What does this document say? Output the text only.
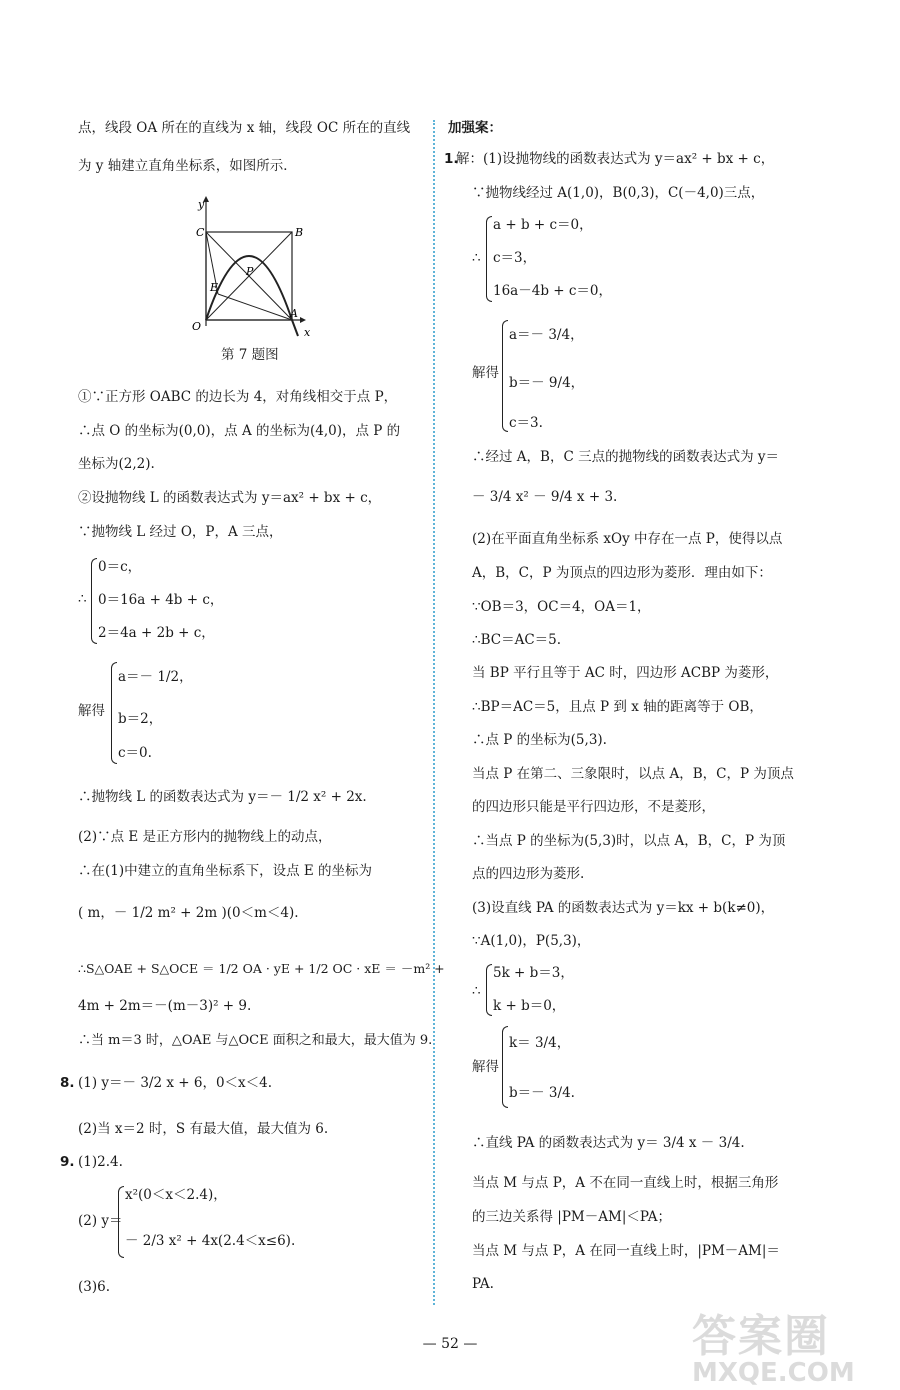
点，线段 OA 所在的直线为 x 轴，线段 OC 所在的直线
为 y 轴建立直角坐标系，如图所示．
y
C	B
P
E
O
A
x
第 7 题图
①∵正方形 OABC 的边长为 4，对角线相交于点 P，
∴点 O 的坐标为(0,0)，点 A 的坐标为(4,0)，点 P 的
坐标为(2,2).
②设抛物线 L 的函数表达式为 y＝ax² + bx + c，
∵抛物线 L 经过 O，P，A 三点，
∴
0＝c，
0＝16a + 4b + c，
2＝4a + 2b + c，
解得
a＝－ 1/2，
b＝2，
c＝0.
∴抛物线 L 的函数表达式为 y＝－ 1/2 x² + 2x.
(2)∵点 E 是正方形内的抛物线上的动点，
∴在(1)中建立的直角坐标系下，设点 E 的坐标为
( m，－ 1/2 m² + 2m )(0＜m＜4).
∴S△OAE + S△OCE ＝ 1/2 OA · yE + 1/2 OC · xE ＝ －m² +
4m + 2m＝－(m－3)² + 9.
∴当 m＝3 时，△OAE 与△OCE 面积之和最大，最大值为 9.
8. (1) y＝－ 3/2 x + 6，0＜x＜4.
(2)当 x＝2 时，S 有最大值，最大值为 6.
9. (1)2.4.
(2) y＝
x²(0＜x＜2.4)，
－ 2/3 x² + 4x(2.4＜x≤6).
(3)6.
加强案：
1.
解：(1)设抛物线的函数表达式为 y＝ax² + bx + c，
∵抛物线经过 A(1,0)，B(0,3)，C(－4,0)三点，
∴
a + b + c＝0，
c＝3，
16a－4b + c＝0，
解得
a＝－ 3/4，
b＝－ 9/4，
c＝3.
∴经过 A，B，C 三点的抛物线的函数表达式为 y＝
－ 3/4 x² － 9/4 x + 3.
(2)在平面直角坐标系 xOy 中存在一点 P，使得以点
A，B，C，P 为顶点的四边形为菱形．理由如下：
∵OB＝3，OC＝4，OA＝1，
∴BC＝AC＝5.
当 BP 平行且等于 AC 时，四边形 ACBP 为菱形，
∴BP＝AC＝5，且点 P 到 x 轴的距离等于 OB，
∴点 P 的坐标为(5,3).
当点 P 在第二、三象限时，以点 A，B，C，P 为顶点
的四边形只能是平行四边形，不是菱形，
∴当点 P 的坐标为(5,3)时，以点 A，B，C，P 为顶
点的四边形为菱形.
(3)设直线 PA 的函数表达式为 y＝kx + b(k≠0)，
∵A(1,0)，P(5,3)，
∴
5k + b＝3，
k + b＝0，
解得
k＝ 3/4，
b＝－ 3/4.
∴直线 PA 的函数表达式为 y＝ 3/4 x － 3/4.
当点 M 与点 P，A 不在同一直线上时，根据三角形
的三边关系得 |PM－AM|＜PA；
当点 M 与点 P，A 在同一直线上时，|PM－AM|＝
PA.
— 52 —	答案圈
MXQE.COM
